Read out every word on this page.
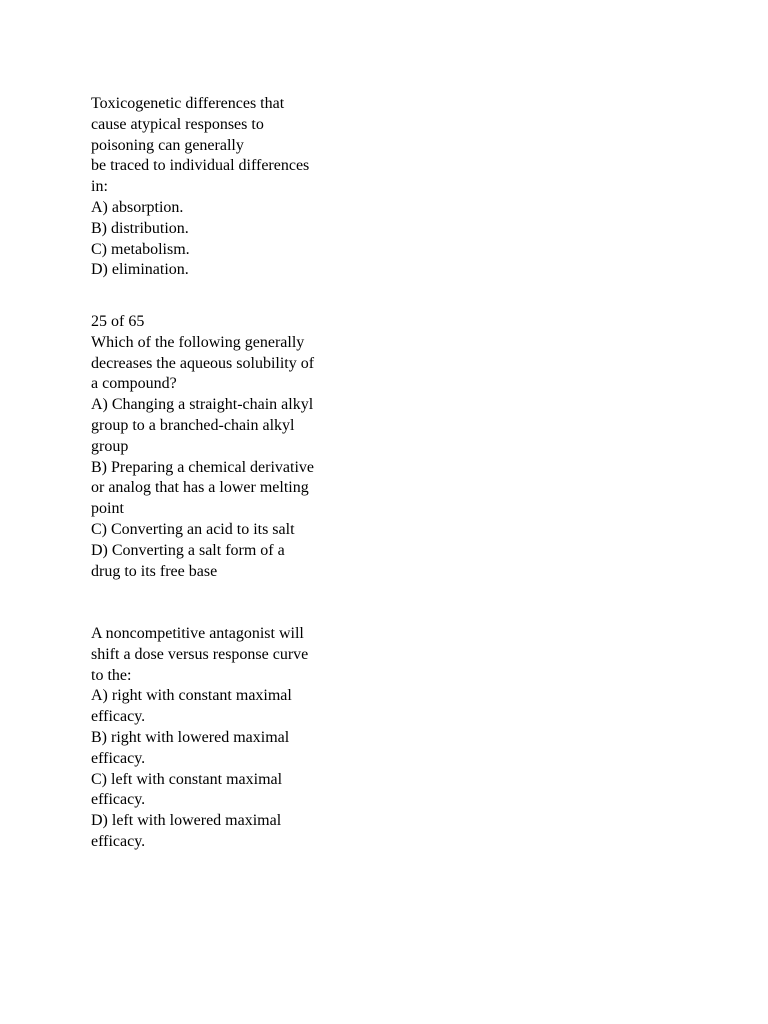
Toxicogenetic differences that
cause atypical responses to
poisoning can generally
be traced to individual differences
in:
A) absorption.
B) distribution.
C) metabolism.
D) elimination.
25 of 65
Which of the following generally
decreases the aqueous solubility of
a compound?
A) Changing a straight-chain alkyl
group to a branched-chain alkyl
group
B) Preparing a chemical derivative
or analog that has a lower melting
point
C) Converting an acid to its salt
D) Converting a salt form of a
drug to its free base
A noncompetitive antagonist will
shift a dose versus response curve
to the:
A) right with constant maximal
efficacy.
B) right with lowered maximal
efficacy.
C) left with constant maximal
efficacy.
D) left with lowered maximal
efficacy.
